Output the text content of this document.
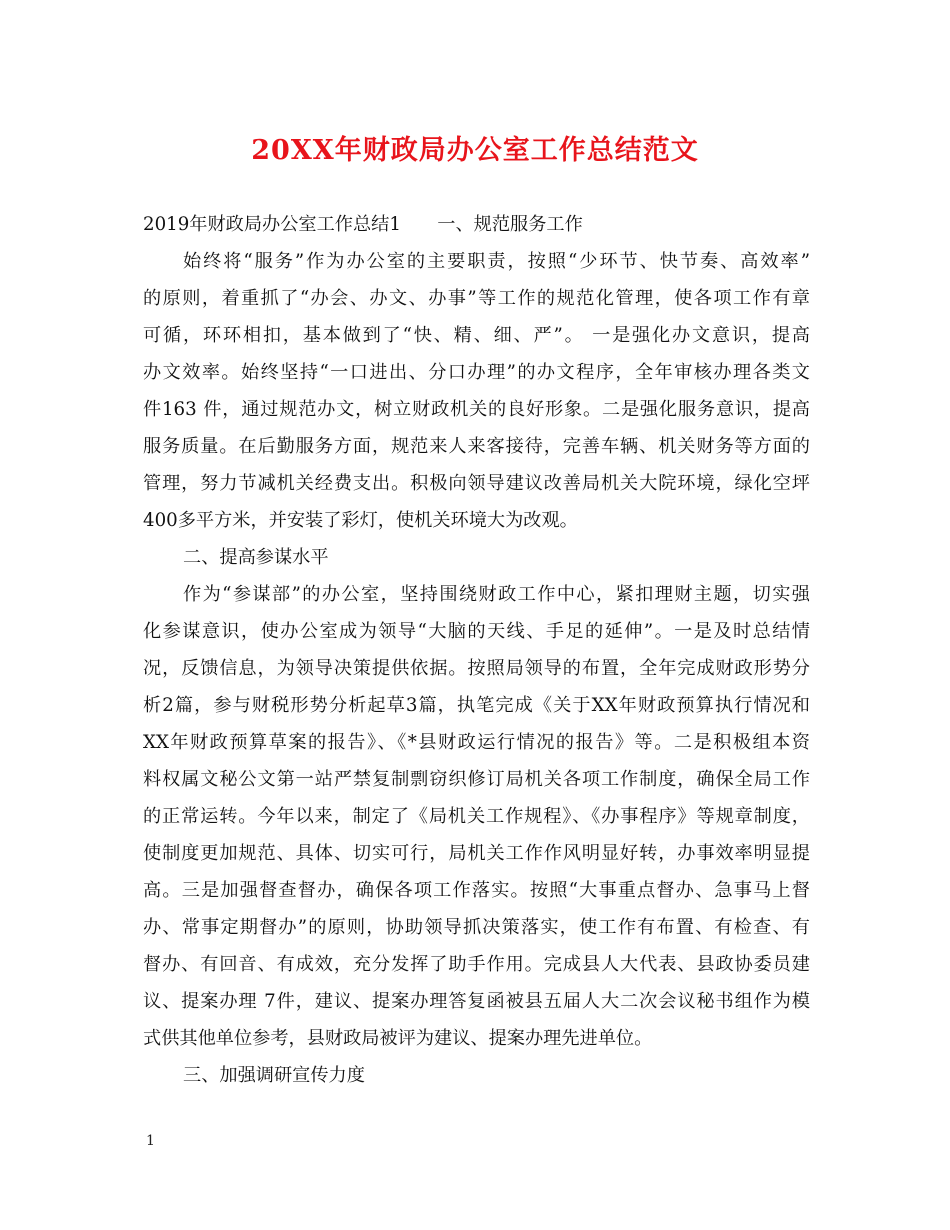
20XX年财政局办公室工作总结范文
2019年财政局办公室工作总结1　　一、规范服务工作
始终将“服务”作为办公室的主要职责，按照“少环节、快节奏、高效率”
的原则，着重抓了“办会、办文、办事”等工作的规范化管理，使各项工作有章
可循，环环相扣，基本做到了“快、精、细、严”。 一是强化办文意识，提高
办文效率。始终坚持“一口进出、分口办理”的办文程序，全年审核办理各类文
件163 件，通过规范办文，树立财政机关的良好形象。二是强化服务意识，提高
服务质量。在后勤服务方面，规范来人来客接待，完善车辆、机关财务等方面的
管理，努力节减机关经费支出。积极向领导建议改善局机关大院环境，绿化空坪
400多平方米，并安装了彩灯，使机关环境大为改观。
二、提高参谋水平
作为“参谋部”的办公室，坚持围绕财政工作中心，紧扣理财主题，切实强
化参谋意识，使办公室成为领导“大脑的天线、手足的延伸”。一是及时总结情
况，反馈信息，为领导决策提供依据。按照局领导的布置，全年完成财政形势分
析2篇，参与财税形势分析起草3篇，执笔完成《关于XX年财政预算执行情况和
XX年财政预算草案的报告》、《*县财政运行情况的报告》等。二是积极组本资
料权属文秘公文第一站严禁复制剽窃织修订局机关各项工作制度，确保全局工作
的正常运转。今年以来，制定了《局机关工作规程》、《办事程序》等规章制度，
使制度更加规范、具体、切实可行，局机关工作作风明显好转，办事效率明显提
高。三是加强督查督办，确保各项工作落实。按照“大事重点督办、急事马上督
办、常事定期督办”的原则，协助领导抓决策落实，使工作有布置、有检查、有
督办、有回音、有成效，充分发挥了助手作用。完成县人大代表、县政协委员建
议、提案办理 7件，建议、提案办理答复函被县五届人大二次会议秘书组作为模
式供其他单位参考，县财政局被评为建议、提案办理先进单位。
三、加强调研宣传力度
1
